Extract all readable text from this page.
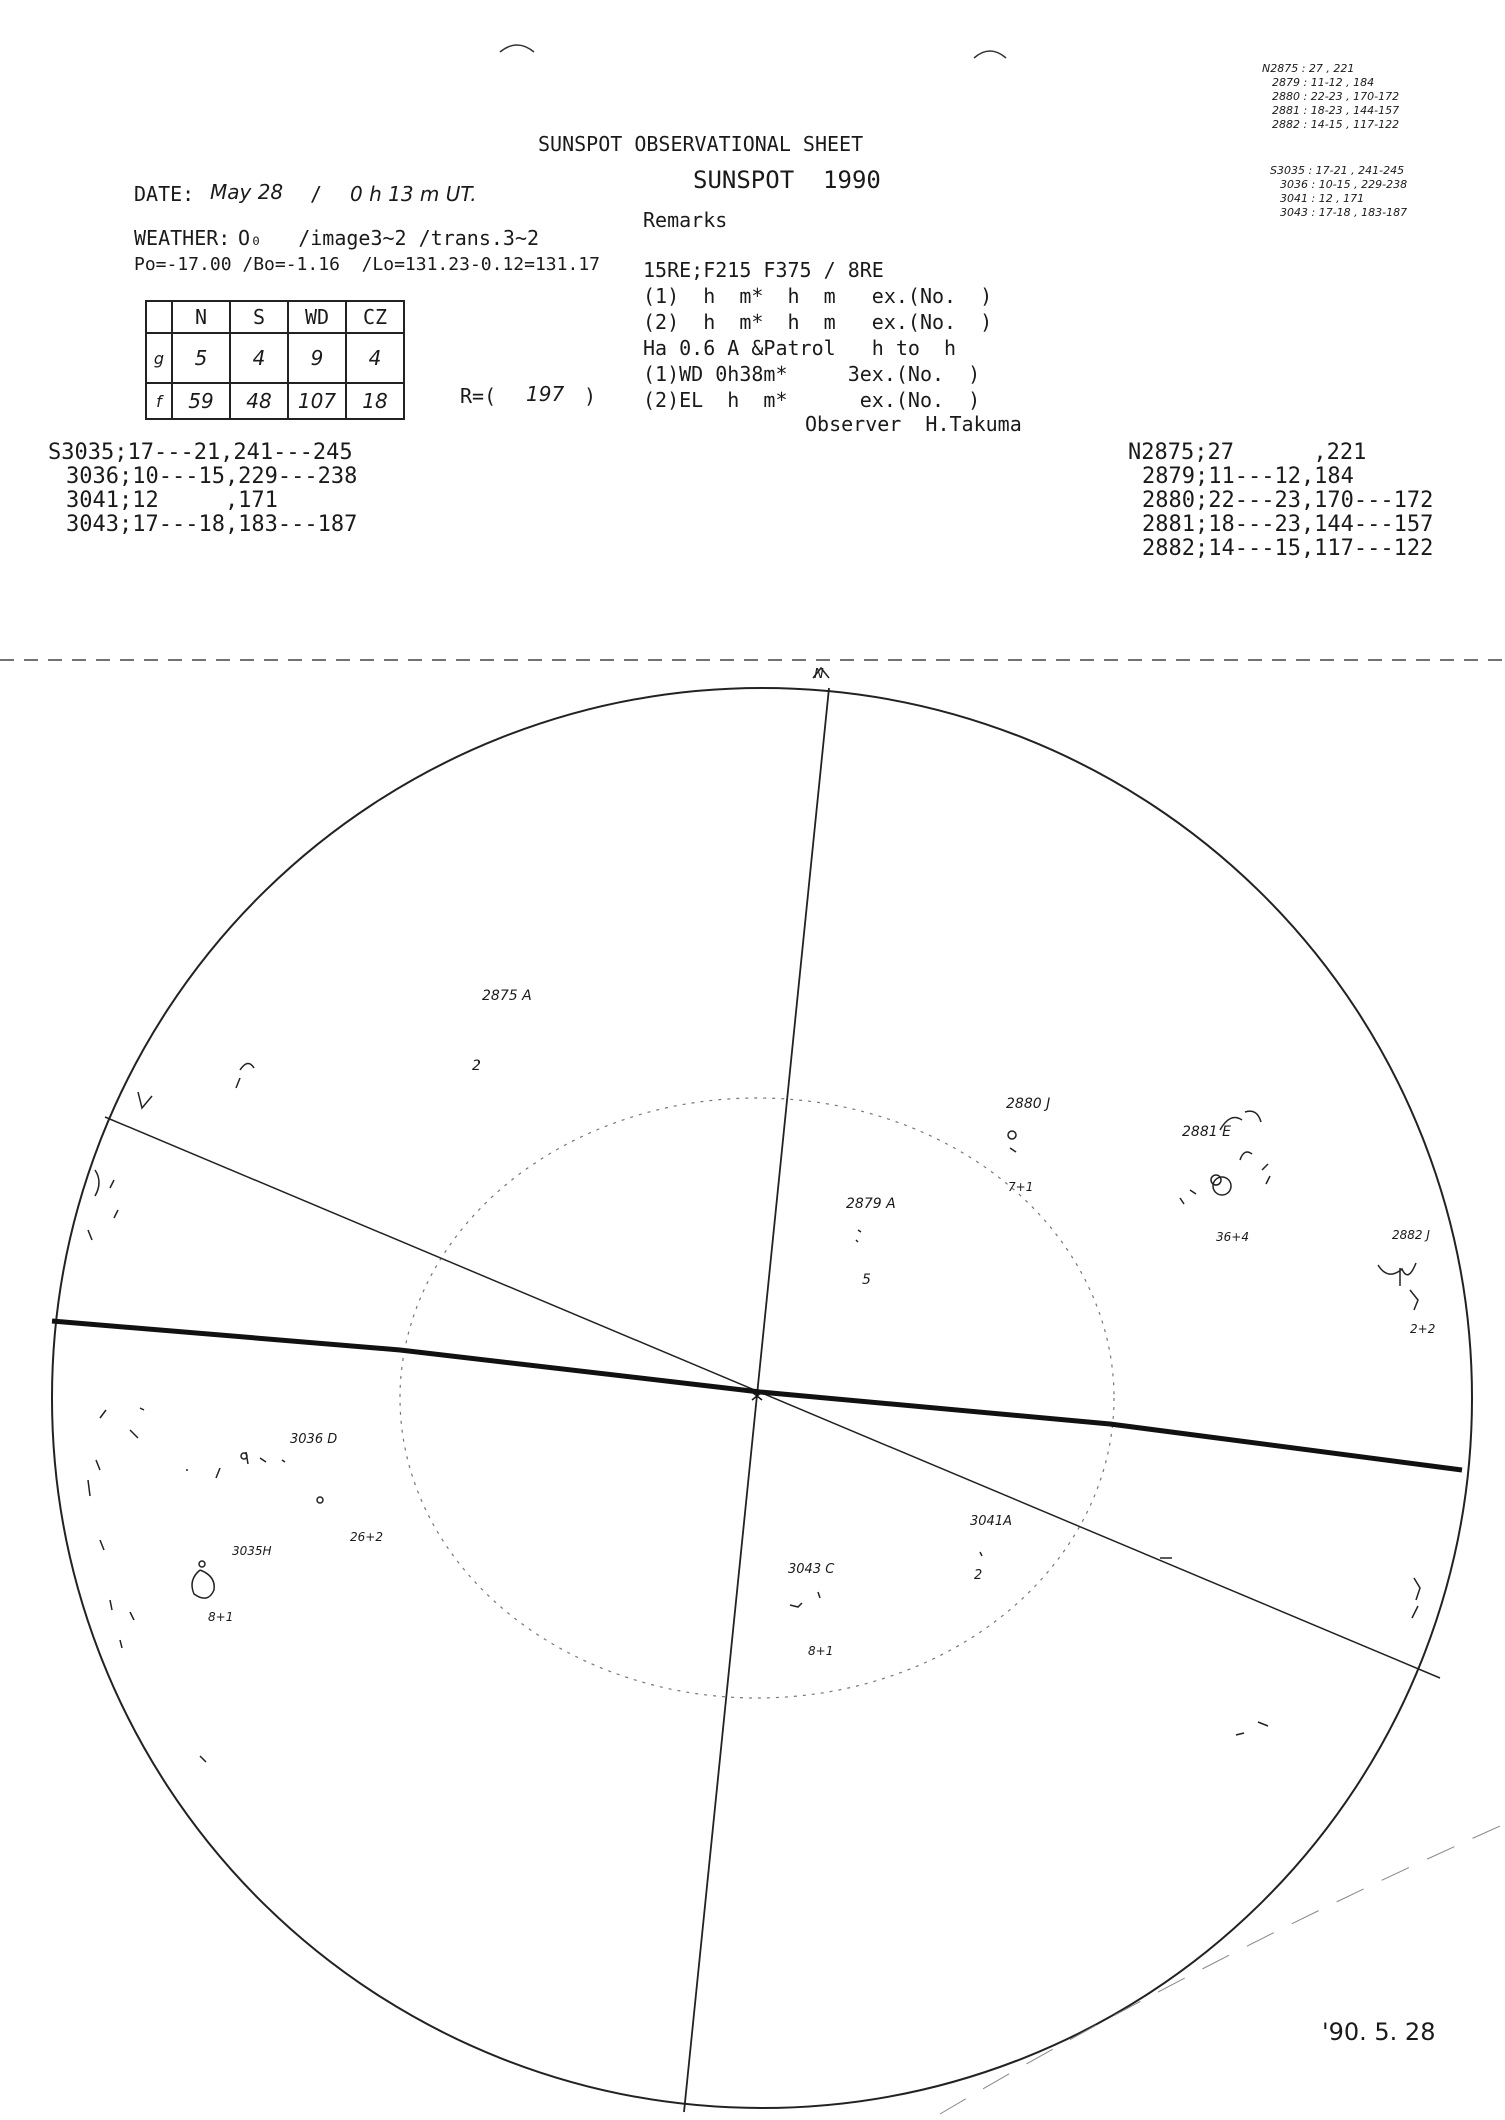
N2875 : 27 , 221
2879 : 11-12 , 184
2880 : 22-23 , 170-172
2881 : 18-23 , 144-157
2882 : 14-15 , 117-122
S3035 : 17-21 , 241-245
3036 : 10-15 , 229-238
3041 : 12 , 171
3043 : 17-18 , 183-187
SUNSPOT OBSERVATIONAL SHEET
SUNSPOT  1990
DATE: May 28 / 0 h 13 m UT.
WEATHER: O₀   /image3~2 /trans.3~2
Po=-17.00 /Bo=-1.16  /Lo=131.23-0.12=131.17
	N	S	WD	CZ
g	5	4	9	4
f	59	48	107	18	R=( 197 )
Remarks
15RE;F215 F375 / 8RE
(1)  h  m*  h  m   ex.(No.  )
(2)  h  m*  h  m   ex.(No.  )
Ha 0.6 A &Patrol   h to  h
(1)WD 0h38m*     3ex.(No.  )
(2)EL  h  m*      ex.(No.  )
Observer  H.Takuma
S3035;17---21,241---245
3036;10---15,229---238
3041;12     ,171
3043;17---18,183---187
N2875;27      ,221
2879;11---12,184
2880;22---23,170---172
2881;18---23,144---157
2882;14---15,117---122
N
2875 A
2
2879 A
5
2880 J
7+1
2881 E
36+4	2882 J
2+2
3036 D
26+2
3035H
8+1
3041A
2
3043 C
8+1
'90. 5. 28
